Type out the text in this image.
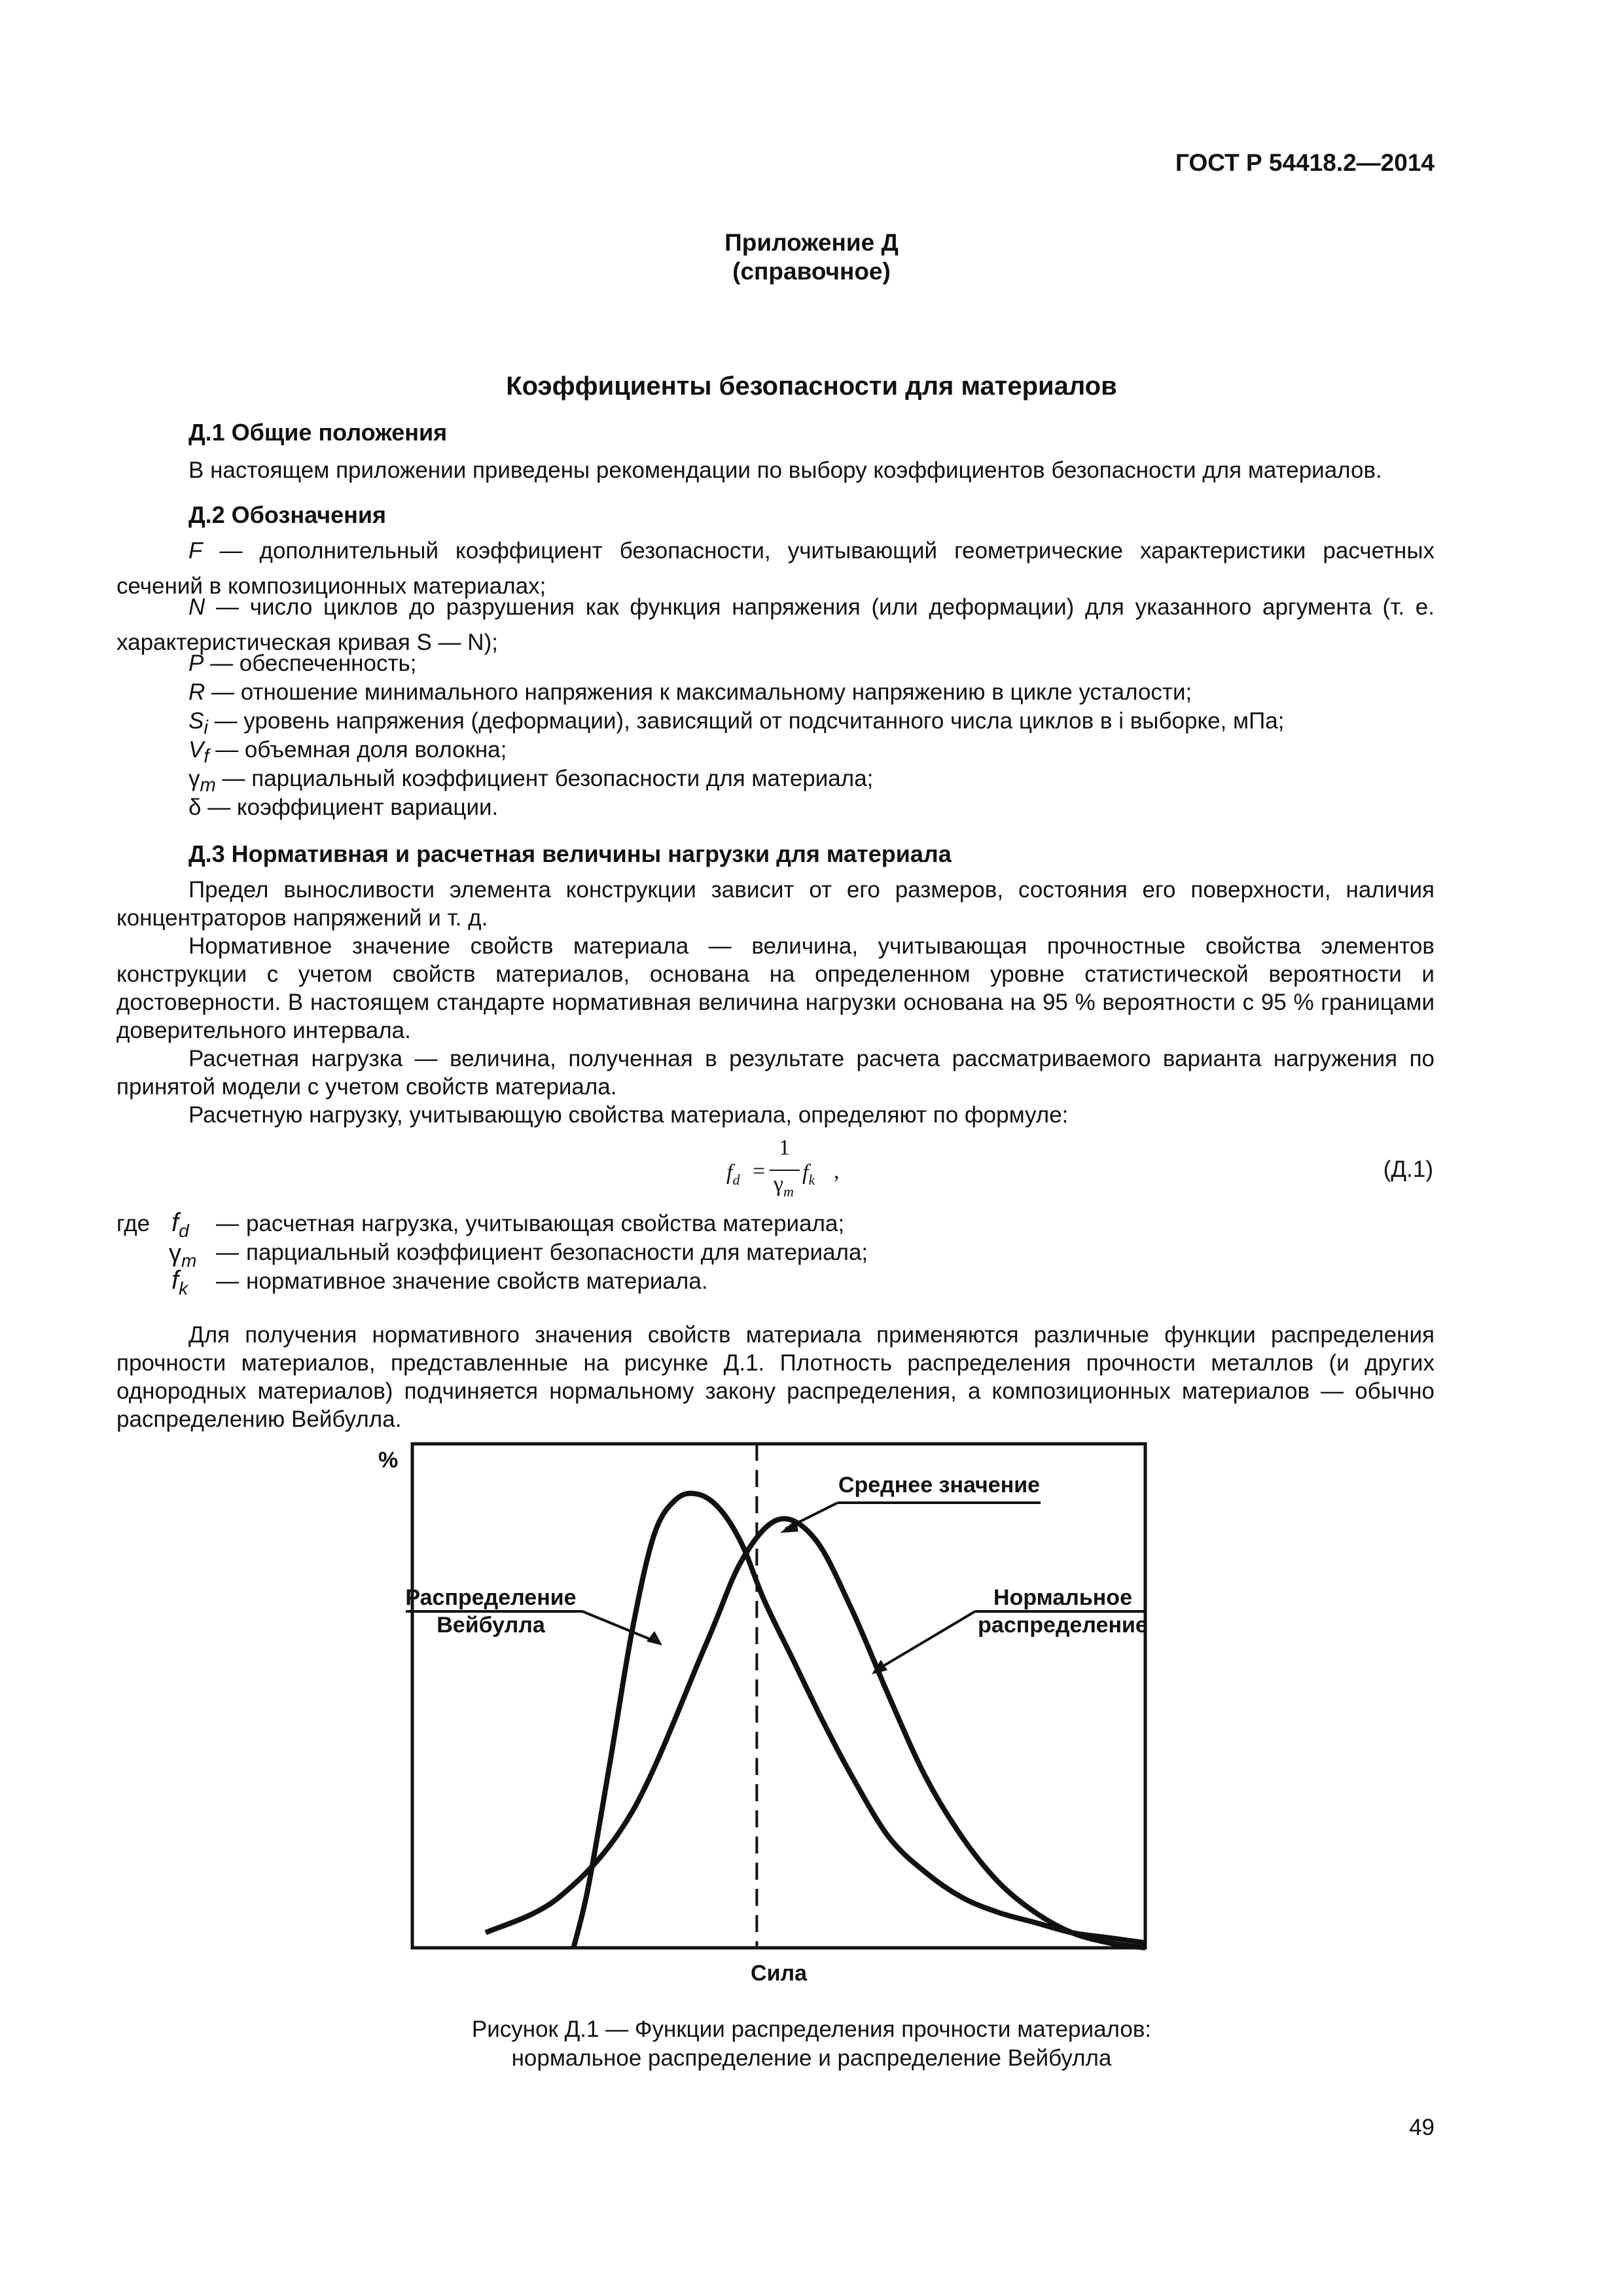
ГОСТ Р 54418.2—2014
Приложение Д
(справочное)
Коэффициенты безопасности для материалов
Д.1 Общие положения
В настоящем приложении приведены рекомендации по выбору коэффициентов безопасности для материалов.
Д.2 Обозначения
F — дополнительный коэффициент безопасности, учитывающий геометрические характеристики расчетных сечений в композиционных материалах;
N — число циклов до разрушения как функция напряжения (или деформации) для указанного аргумента (т. е. характеристическая кривая S — N);
P — обеспеченность;
R — отношение минимального напряжения к максимальному напряжению в цикле усталости;
$S_i$ — уровень напряжения (деформации), зависящий от подсчитанного числа циклов в i выборке, мПа;
$V_f$ — объемная доля волокна;
$\gamma_m$ — парциальный коэффициент безопасности для материала;
δ — коэффициент вариации.
Д.3 Нормативная и расчетная величины нагрузки для материала
Предел выносливости элемента конструкции зависит от его размеров, состояния его поверхности, наличия концентраторов напряжений и т. д.
Нормативное значение свойств материала — величина, учитывающая прочностные свойства элементов конструкции с учетом свойств материалов, основана на определенном уровне статистической вероятности и достоверности. В настоящем стандарте нормативная величина нагрузки основана на 95 % вероятности с 95 % границами доверительного интервала.
Расчетная нагрузка — величина, полученная в результате расчета рассматриваемого варианта нагружения по принятой модели с учетом свойств материала.
Расчетную нагрузку, учитывающую свойства материала, определяют по формуле:
$f_d$ =
1
$\gamma_m$
$f_k$ ,	(Д.1)
где $f_d$ — расчетная нагрузка, учитывающая свойства материала;
$\gamma_m$ — парциальный коэффициент безопасности для материала;
$f_k$ — нормативное значение свойств материала.
Для получения нормативного значения свойств материала применяются различные функции распределения прочности материалов, представленные на рисунке Д.1. Плотность распределения прочности металлов (и других однородных материалов) подчиняется нормальному закону распределения, а композиционных материалов — обычно распределению Вейбулла.
%
Сила
Среднее значение
Распределение
Вейбулла
Нормальное
распределение
Рисунок Д.1 — Функции распределения прочности материалов:
нормальное распределение и распределение Вейбулла
49
